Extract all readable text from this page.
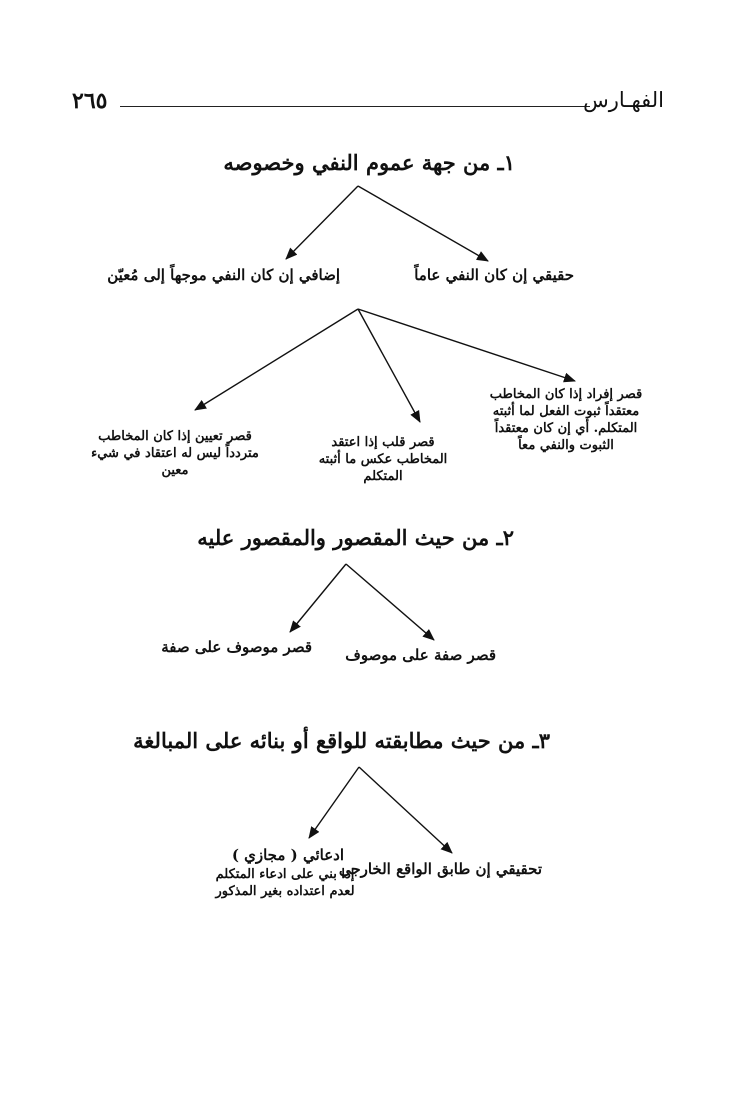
٢٦٥	الفهـارس
١ـ من جهة عموم النفي وخصوصه
حقيقي إن كان النفي عاماً
إضافي إن كان النفي موجهاً إلى مُعيّن
قصر إفراد إذا كان المخاطب معتقداً ثبوت الفعل لما أثبته المتكلم. أي إن كان معتقداً الثبوت والنفي معاً
قصر قلب إذا اعتقد المخاطب عكس ما أثبته المتكلم
قصر تعيين إذا كان المخاطب متردداً ليس له اعتقاد في شيء معين
٢ـ من حيث المقصور والمقصور عليه
قصر صفة على موصوف
قصر موصوف على صفة
٣ـ من حيث مطابقته للواقع أو بنائه على المبالغة
تحقيقي إن طابق الواقع الخارجي
ادعائي ( مجازي )
إذا بني على ادعاء المتكلم لعدم اعتداده بغير المذكور
